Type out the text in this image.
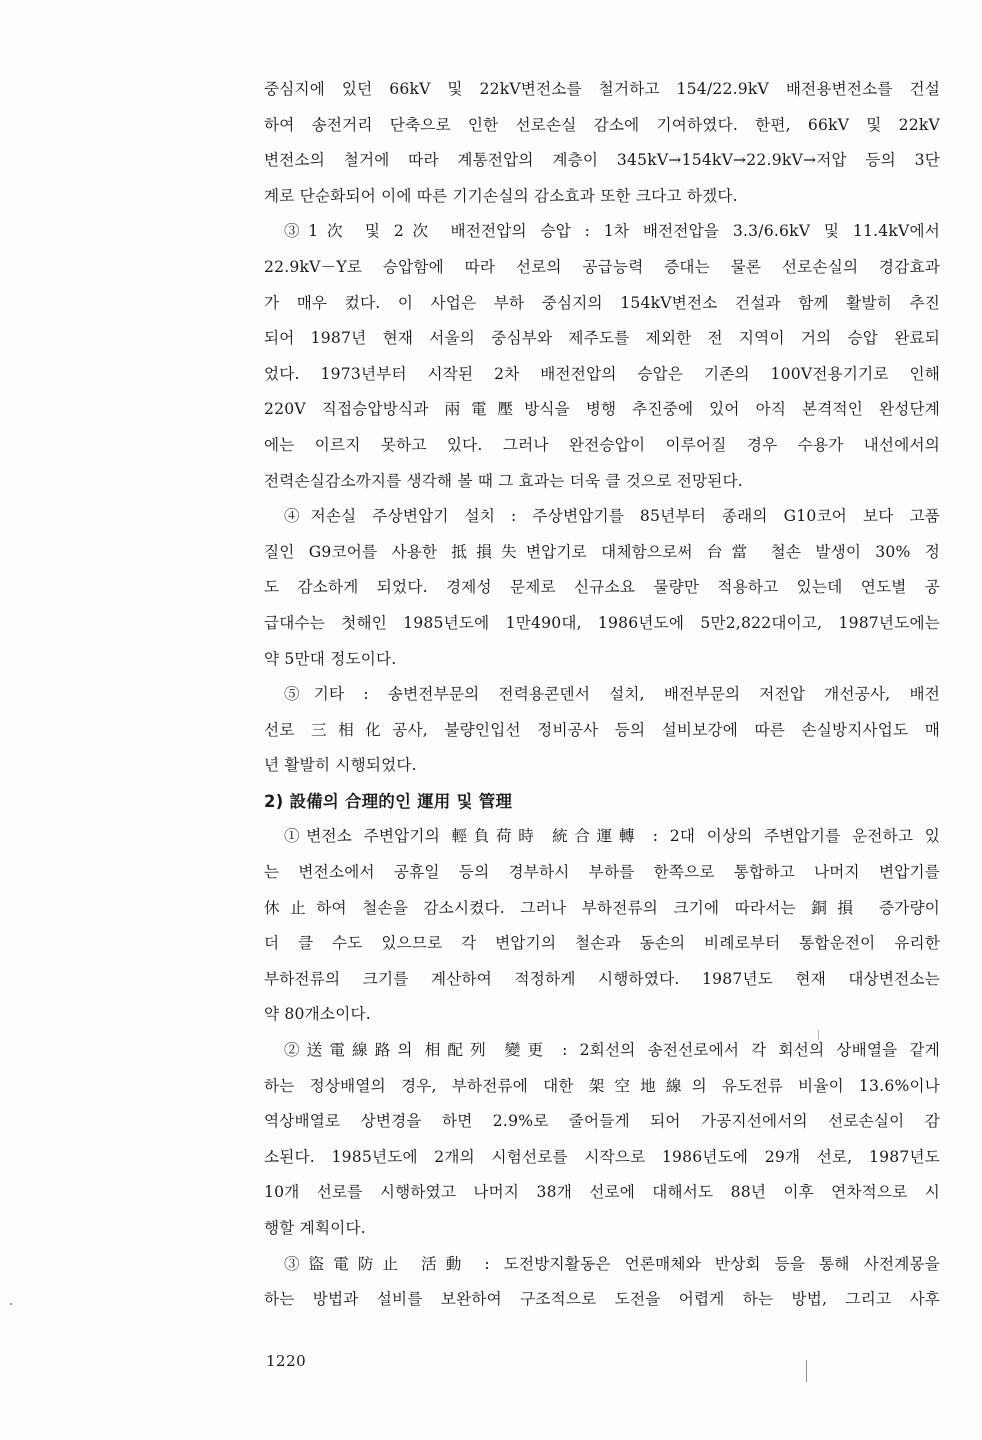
중심지에 있던 66kV 및 22kV변전소를 철거하고 154/22.9kV 배전용변전소를 건설
하여 송전거리 단축으로 인한 선로손실 감소에 기여하였다. 한편, 66kV 및 22kV
변전소의 철거에 따라 계통전압의 계층이 345kV→154kV→22.9kV→저압 등의 3단
계로 단순화되어 이에 따른 기기손실의 감소효과 또한 크다고 하겠다.
③1次 및 2次 배전전압의 승압 : 1차 배전전압을 3.3/6.6kV 및 11.4kV에서
22.9kV－Y로 승압함에 따라 선로의 공급능력 증대는 물론 선로손실의 경감효과
가 매우 컸다. 이 사업은 부하 중심지의 154kV변전소 건설과 함께 활발히 추진
되어 1987년 현재 서울의 중심부와 제주도를 제외한 전 지역이 거의 승압 완료되
었다. 1973년부터 시작된 2차 배전전압의 승압은 기존의 100V전용기기로 인해
220V 직접승압방식과 兩電壓방식을 병행 추진중에 있어 아직 본격적인 완성단계
에는 이르지 못하고 있다. 그러나 완전승압이 이루어질 경우 수용가 내선에서의
전력손실감소까지를 생각해 볼 때 그 효과는 더욱 클 것으로 전망된다.
④저손실 주상변압기 설치 : 주상변압기를 85년부터 종래의 G10코어 보다 고품
질인 G9코어를 사용한 抵損失변압기로 대체함으로써 台當 철손 발생이 30% 정
도 감소하게 되었다. 경제성 문제로 신규소요 물량만 적용하고 있는데 연도별 공
급대수는 첫해인 1985년도에 1만490대, 1986년도에 5만2,822대이고, 1987년도에는
약 5만대 정도이다.
⑤기타 : 송변전부문의 전력용콘덴서 설치, 배전부문의 저전압 개선공사, 배전
선로 三相化공사, 불량인입선 정비공사 등의 설비보강에 따른 손실방지사업도 매
년 활발히 시행되었다.
2) 設備의 合理的인 運用 및 管理
①변전소 주변압기의 輕負荷時 統合運轉 : 2대 이상의 주변압기를 운전하고 있
는 변전소에서 공휴일 등의 경부하시 부하를 한쪽으로 통합하고 나머지 변압기를
休止하여 철손을 감소시켰다. 그러나 부하전류의 크기에 따라서는 銅損 증가량이
더 클 수도 있으므로 각 변압기의 철손과 동손의 비례로부터 통합운전이 유리한
부하전류의 크기를 계산하여 적정하게 시행하였다. 1987년도 현재 대상변전소는
약 80개소이다.
②送電線路의 相配列 變更 : 2회선의 송전선로에서 각 회선의 상배열을 같게
하는 정상배열의 경우, 부하전류에 대한 架空地線의 유도전류 비율이 13.6%이나
역상배열로 상변경을 하면 2.9%로 줄어들게 되어 가공지선에서의 선로손실이 감
소된다. 1985년도에 2개의 시험선로를 시작으로 1986년도에 29개 선로, 1987년도
10개 선로를 시행하였고 나머지 38개 선로에 대해서도 88년 이후 연차적으로 시
행할 계획이다.
③盜電防止 活動 : 도전방지활동은 언론매체와 반상회 등을 통해 사전계몽을
하는 방법과 설비를 보완하여 구조적으로 도전을 어렵게 하는 방법, 그리고 사후
1220
